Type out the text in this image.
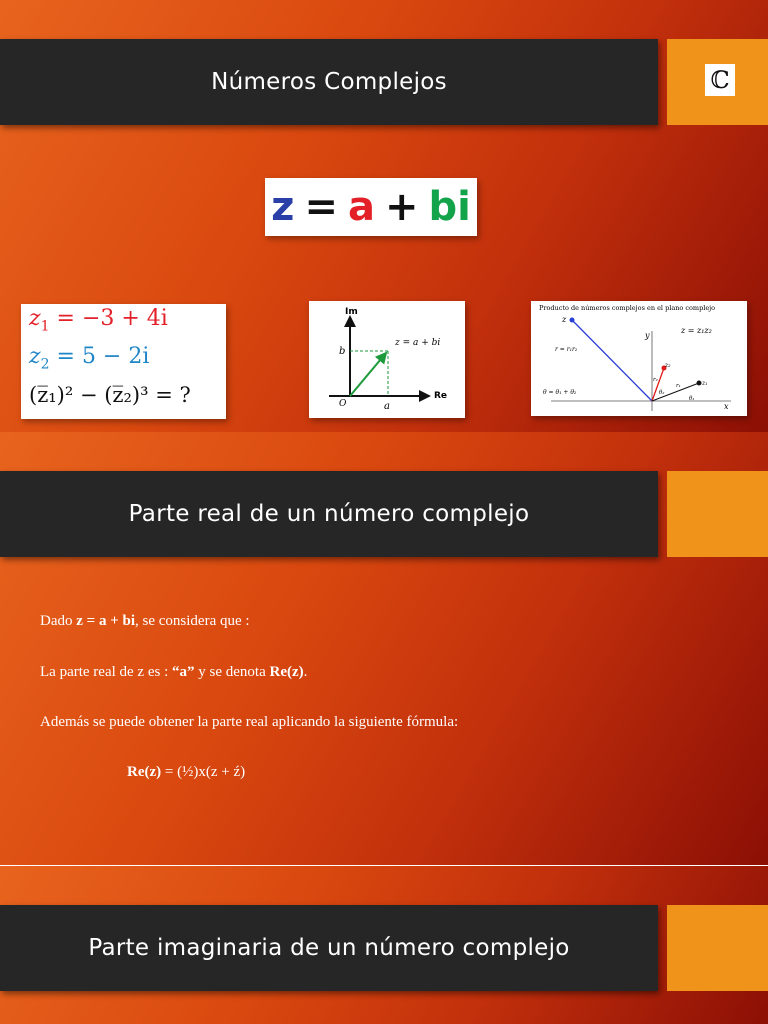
Números Complejos	ℂ
z = a + bi
$z_1 = -3 + 4i$
$z_2 = 5 - 2i$
(z̅₁)² − (z̅₂)³ = ?
Im
Re
b
a
O
z = a + bi
Producto de números complejos en el plano complejo
z
y
x
z = z₁z₂
r = r₁r₂
θ = θ₁ + θ₂
z₂
z₁
r₂
r₁
θ₂
θ₁
Parte real de un número complejo
Dado z = a + bi, se considera que :
La parte real de z es : “a” y se denota Re(z).
Además se puede obtener la parte real aplicando la siguiente fórmula:
Re(z) = (½)x(z + ź)
Parte imaginaria de un número complejo
